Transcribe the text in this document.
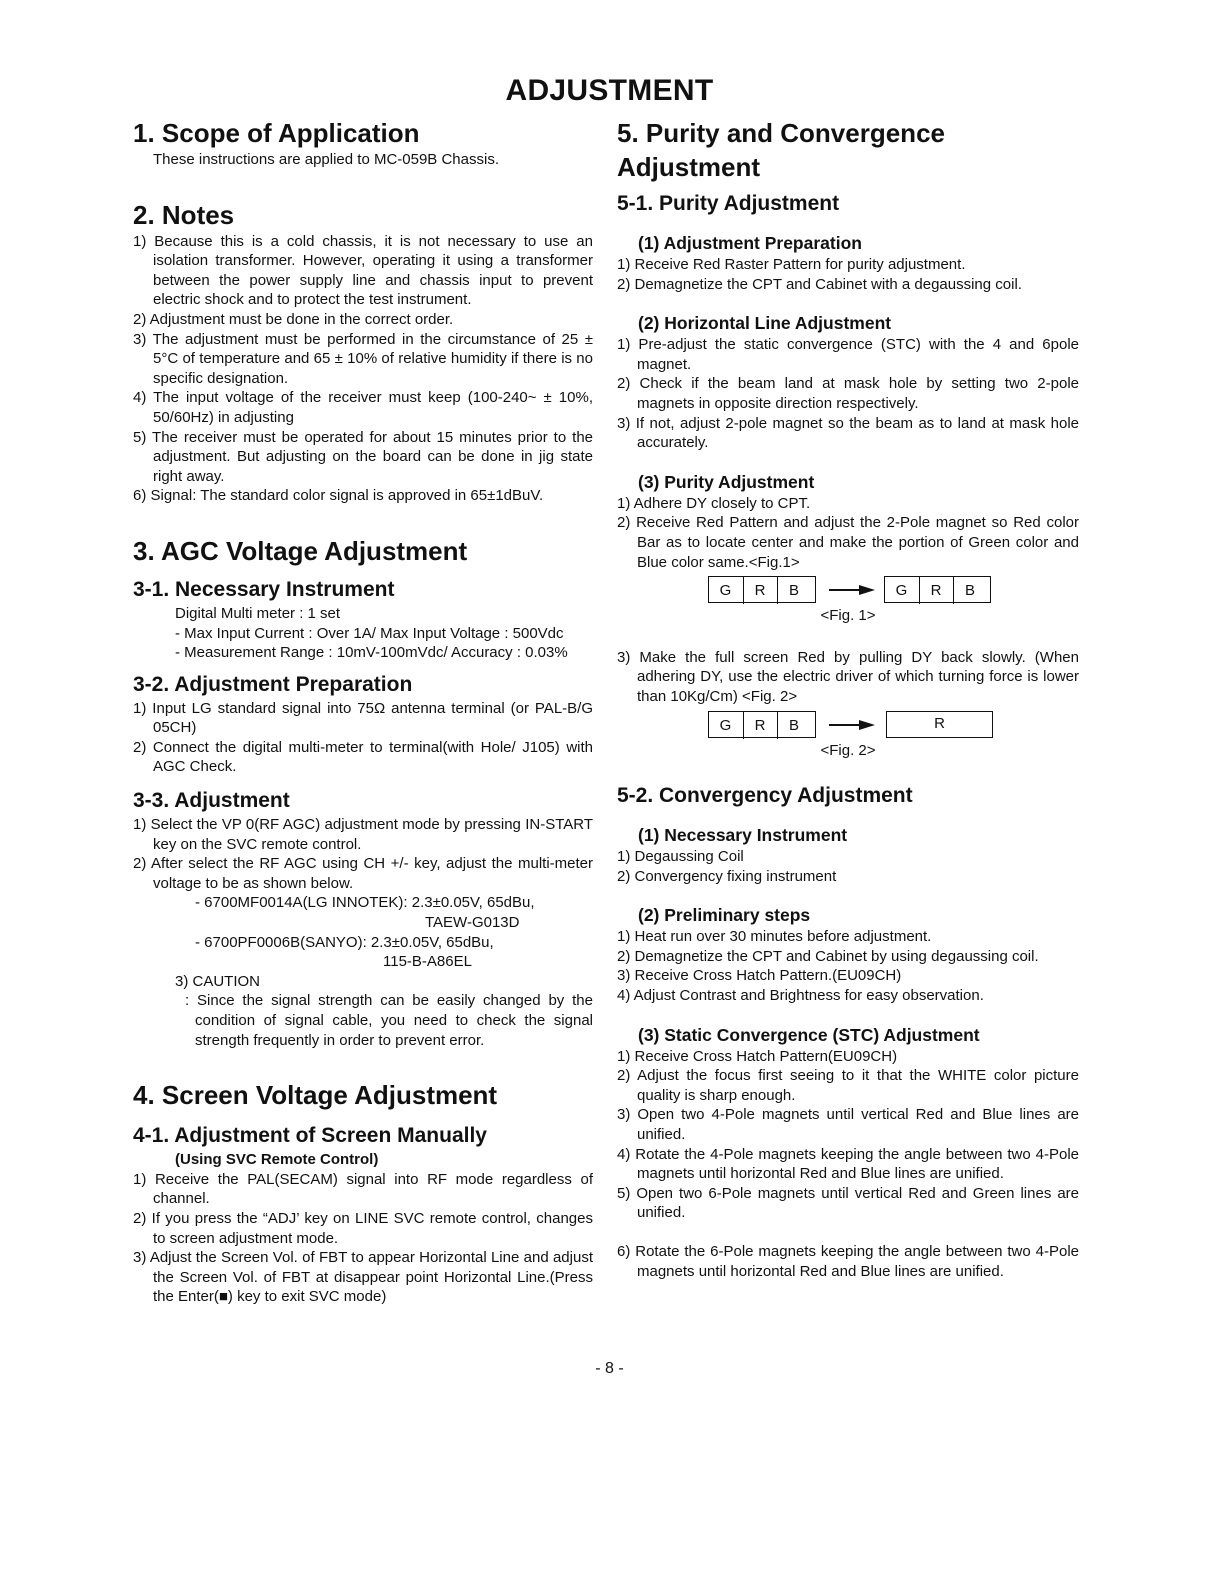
ADJUSTMENT
1. Scope of Application
These instructions are applied to MC-059B Chassis.
2. Notes
1) Because this is a cold chassis, it is not necessary to use an isolation transformer. However, operating it using a transformer between the power supply line and chassis input to prevent electric shock and to protect the test instrument.
2) Adjustment must be done in the correct order.
3) The adjustment must be performed in the circumstance of 25 ± 5°C of temperature and 65 ± 10% of relative humidity if there is no specific designation.
4) The input voltage of the receiver must keep (100-240~ ± 10%, 50/60Hz) in adjusting
5) The receiver must be operated for about 15 minutes prior to the adjustment. But adjusting on the board can be done in jig state right away.
6) Signal: The standard color signal is approved in 65±1dBuV.
3. AGC Voltage Adjustment
3-1. Necessary Instrument
Digital Multi meter : 1 set
- Max Input Current : Over 1A/ Max Input Voltage : 500Vdc
- Measurement Range : 10mV-100mVdc/ Accuracy : 0.03%
3-2. Adjustment Preparation
1) Input LG standard signal into 75Ω antenna terminal (or PAL-B/G 05CH)
2) Connect the digital multi-meter to terminal(with Hole/ J105) with AGC Check.
3-3. Adjustment
1) Select the VP 0(RF AGC) adjustment mode by pressing IN-START key on the SVC remote control.
2) After select the RF AGC using CH +/- key, adjust the multi-meter voltage to be as shown below.
- 6700MF0014A(LG INNOTEK): 2.3±0.05V, 65dBu,
TAEW-G013D
- 6700PF0006B(SANYO): 2.3±0.05V, 65dBu,
115-B-A86EL
3) CAUTION
: Since the signal strength can be easily changed by the condition of signal cable, you need to check the signal strength frequently in order to prevent error.
4. Screen Voltage Adjustment
4-1. Adjustment of Screen Manually
(Using SVC Remote Control)
1) Receive the PAL(SECAM) signal into RF mode regardless of channel.
2) If you press the “ADJ’ key on LINE SVC remote control, changes to screen adjustment mode.
3) Adjust the Screen Vol. of FBT to appear Horizontal Line and adjust the Screen Vol. of FBT at disappear point Horizontal Line.(Press the Enter(■) key to exit SVC mode)
5. Purity and Convergence Adjustment
5-1. Purity Adjustment
(1) Adjustment Preparation
1) Receive Red Raster Pattern for purity adjustment.
2) Demagnetize the CPT and Cabinet with a degaussing coil.
(2) Horizontal Line Adjustment
1) Pre-adjust the static convergence (STC) with the 4 and 6pole magnet.
2) Check if the beam land at mask hole by setting two 2-pole magnets in opposite direction respectively.
3) If not, adjust 2-pole magnet so the beam as to land at mask hole accurately.
(3) Purity Adjustment
1) Adhere DY closely to CPT.
2) Receive Red Pattern and adjust the 2-Pole magnet so Red color Bar as to locate center and make the portion of Green color and Blue color same.<Fig.1>
G	R	B	G	R	B
<Fig. 1>
3) Make the full screen Red by pulling DY back slowly. (When adhering DY, use the electric driver of which turning force is lower than 10Kg/Cm) <Fig. 2>
G	R	B	R
<Fig. 2>
5-2. Convergency Adjustment
(1) Necessary Instrument
1) Degaussing Coil
2) Convergency fixing instrument
(2) Preliminary steps
1) Heat run over 30 minutes before adjustment.
2) Demagnetize the CPT and Cabinet by using degaussing coil.
3) Receive Cross Hatch Pattern.(EU09CH)
4) Adjust Contrast and Brightness for easy observation.
(3) Static Convergence (STC) Adjustment
1) Receive Cross Hatch Pattern(EU09CH)
2) Adjust the focus first seeing to it that the WHITE color picture quality is sharp enough.
3) Open two 4-Pole magnets until vertical Red and Blue lines are unified.
4) Rotate the 4-Pole magnets keeping the angle between two 4-Pole magnets until horizontal Red and Blue lines are unified.
5) Open two 6-Pole magnets until vertical Red and Green lines are unified.
6) Rotate the 6-Pole magnets keeping the angle between two 4-Pole magnets until horizontal Red and Blue lines are unified.
- 8 -
